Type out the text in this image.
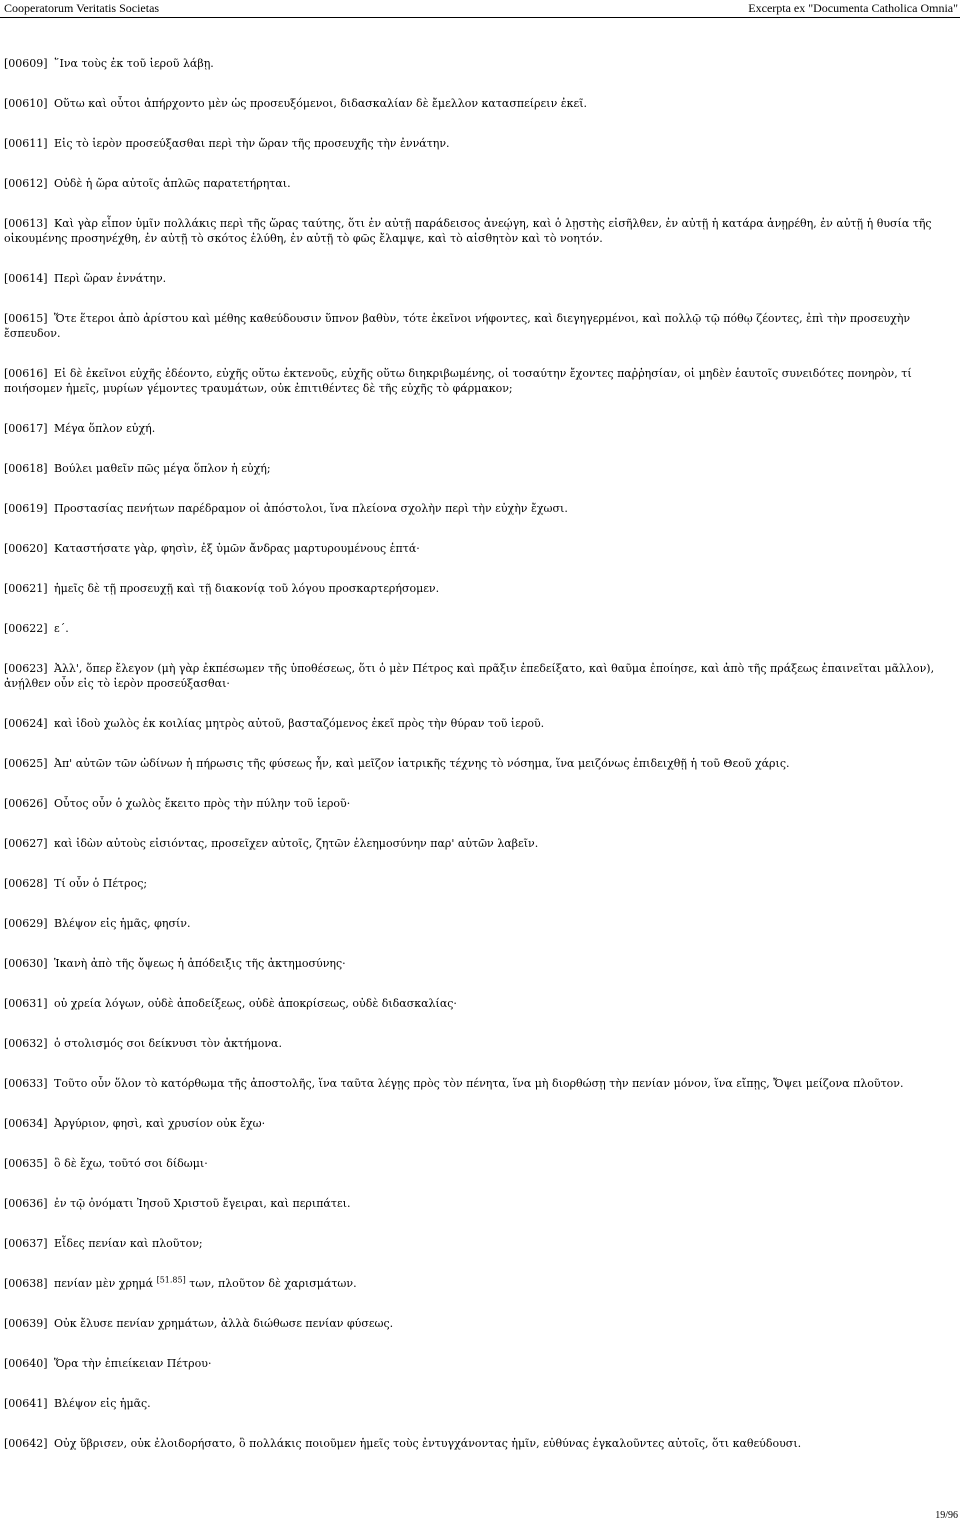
Cooperatorum Veritatis Societas	Excerpta ex "Documenta Catholica Omnia"

[00609] ῞Ινα τοὺς ἐκ τοῦ ἱεροῦ λάβῃ.

[00610] Οὕτω καὶ οὗτοι ἀπήρχοντο μὲν ὡς προσευξόμενοι, διδασκαλίαν δὲ ἔμελλον κατασπείρειν ἐκεῖ.

[00611] Εἰς τὸ ἱερὸν προσεύξασθαι περὶ τὴν ὥραν τῆς προσευχῆς τὴν ἐννάτην.

[00612] Οὐδὲ ἡ ὥρα αὐτοῖς ἁπλῶς παρατετήρηται.

[00613] Καὶ γὰρ εἶπον ὑμῖν πολλάκις περὶ τῆς ὥρας ταύτης, ὅτι ἐν αὐτῇ παράδεισος ἀνεῴγη, καὶ ὁ λῃστὴς εἰσῆλθεν, ἐν αὐτῇ ἡ κατάρα ἀνῃρέθη, ἐν αὐτῇ ἡ θυσία τῆς οἰκουμένης προσηνέχθη, ἐν αὐτῇ τὸ σκότος ἐλύθη, ἐν αὐτῇ τὸ φῶς ἔλαμψε, καὶ τὸ αἰσθητὸν καὶ τὸ νοητόν.

[00614] Περὶ ὥραν ἐννάτην.

[00615] Ὅτε ἕτεροι ἀπὸ ἀρίστου καὶ μέθης καθεύδουσιν ὕπνον βαθὺν, τότε ἐκεῖνοι νήφοντες, καὶ διεγηγερμένοι, καὶ πολλῷ τῷ πόθῳ ζέοντες, ἐπὶ τὴν προσευχὴν ἔσπευδον.

[00616] Εἰ δὲ ἐκεῖνοι εὐχῆς ἐδέοντο, εὐχῆς οὕτω ἐκτενοῦς, εὐχῆς οὕτω διηκριβωμένης, οἱ τοσαύτην ἔχοντες παῤῥησίαν, οἱ μηδὲν ἑαυτοῖς συνειδότες πονηρὸν, τί ποιήσομεν ἡμεῖς, μυρίων γέμοντες τραυμάτων, οὐκ ἐπιτιθέντες δὲ τῆς εὐχῆς τὸ φάρμακον;

[00617] Μέγα ὅπλον εὐχή.

[00618] Βούλει μαθεῖν πῶς μέγα ὅπλον ἡ εὐχή;

[00619] Προστασίας πενήτων παρέδραμον οἱ ἀπόστολοι, ἵνα πλείονα σχολὴν περὶ τὴν εὐχὴν ἔχωσι.

[00620] Καταστήσατε γὰρ, φησὶν, ἐξ ὑμῶν ἄνδρας μαρτυρουμένους ἑπτά·

[00621] ἡμεῖς δὲ τῇ προσευχῇ καὶ τῇ διακονίᾳ τοῦ λόγου προσκαρτερήσομεν.

[00622] ε΄.

[00623] Ἀλλ', ὅπερ ἔλεγον (μὴ γὰρ ἐκπέσωμεν τῆς ὑποθέσεως, ὅτι ὁ μὲν Πέτρος καὶ πρᾶξιν ἐπεδείξατο, καὶ θαῦμα ἐποίησε, καὶ ἀπὸ τῆς πράξεως ἐπαινεῖται μᾶλλον), ἀνῄλθεν οὖν εἰς τὸ ἱερὸν προσεύξασθαι·

[00624] καὶ ἰδοὺ χωλὸς ἐκ κοιλίας μητρὸς αὐτοῦ, βασταζόμενος ἐκεῖ πρὸς τὴν θύραν τοῦ ἱεροῦ.

[00625] Ἀπ' αὐτῶν τῶν ὠδίνων ἡ πήρωσις τῆς φύσεως ἦν, καὶ μεῖζον ἰατρικῆς τέχνης τὸ νόσημα, ἵνα μειζόνως ἐπιδειχθῇ ἡ τοῦ Θεοῦ χάρις.

[00626] Οὗτος οὖν ὁ χωλὸς ἔκειτο πρὸς τὴν πύλην τοῦ ἱεροῦ·

[00627] καὶ ἰδὼν αὐτοὺς εἰσιόντας, προσεῖχεν αὐτοῖς, ζητῶν ἐλεημοσύνην παρ' αὐτῶν λαβεῖν.

[00628] Τί οὖν ὁ Πέτρος;

[00629] Βλέψον εἰς ἡμᾶς, φησίν.

[00630] Ἱκανὴ ἀπὸ τῆς ὄψεως ἡ ἀπόδειξις τῆς ἀκτημοσύνης·

[00631] οὐ χρεία λόγων, οὐδὲ ἀποδείξεως, οὐδὲ ἀποκρίσεως, οὐδὲ διδασκαλίας·

[00632] ὁ στολισμός σοι δείκνυσι τὸν ἀκτήμονα.

[00633] Τοῦτο οὖν ὅλον τὸ κατόρθωμα τῆς ἀποστολῆς, ἵνα ταῦτα λέγῃς πρὸς τὸν πένητα, ἵνα μὴ διορθώσῃ τὴν πενίαν μόνον, ἵνα εἴπῃς, Ὄψει μείζονα πλοῦτον.

[00634] Ἀργύριον, φησὶ, καὶ χρυσίον οὐκ ἔχω·

[00635] ὃ δὲ ἔχω, τοῦτό σοι δίδωμι·

[00636] ἐν τῷ ὀνόματι Ἰησοῦ Χριστοῦ ἔγειραι, καὶ περιπάτει.

[00637] Εἶδες πενίαν καὶ πλοῦτον;

[00638] πενίαν μὲν χρημά [51.85] των, πλοῦτον δὲ χαρισμάτων.

[00639] Οὐκ ἔλυσε πενίαν χρημάτων, ἀλλὰ διώθωσε πενίαν φύσεως.

[00640] Ὅρα τὴν ἐπιείκειαν Πέτρου·

[00641] Βλέψον εἰς ἡμᾶς.

[00642] Οὐχ ὕβρισεν, οὐκ ἐλοιδορήσατο, ὃ πολλάκις ποιοῦμεν ἡμεῖς τοὺς ἐντυγχάνοντας ἡμῖν, εὐθύνας ἐγκαλοῦντες αὐτοῖς, ὅτι καθεύδουσι.

19/96
